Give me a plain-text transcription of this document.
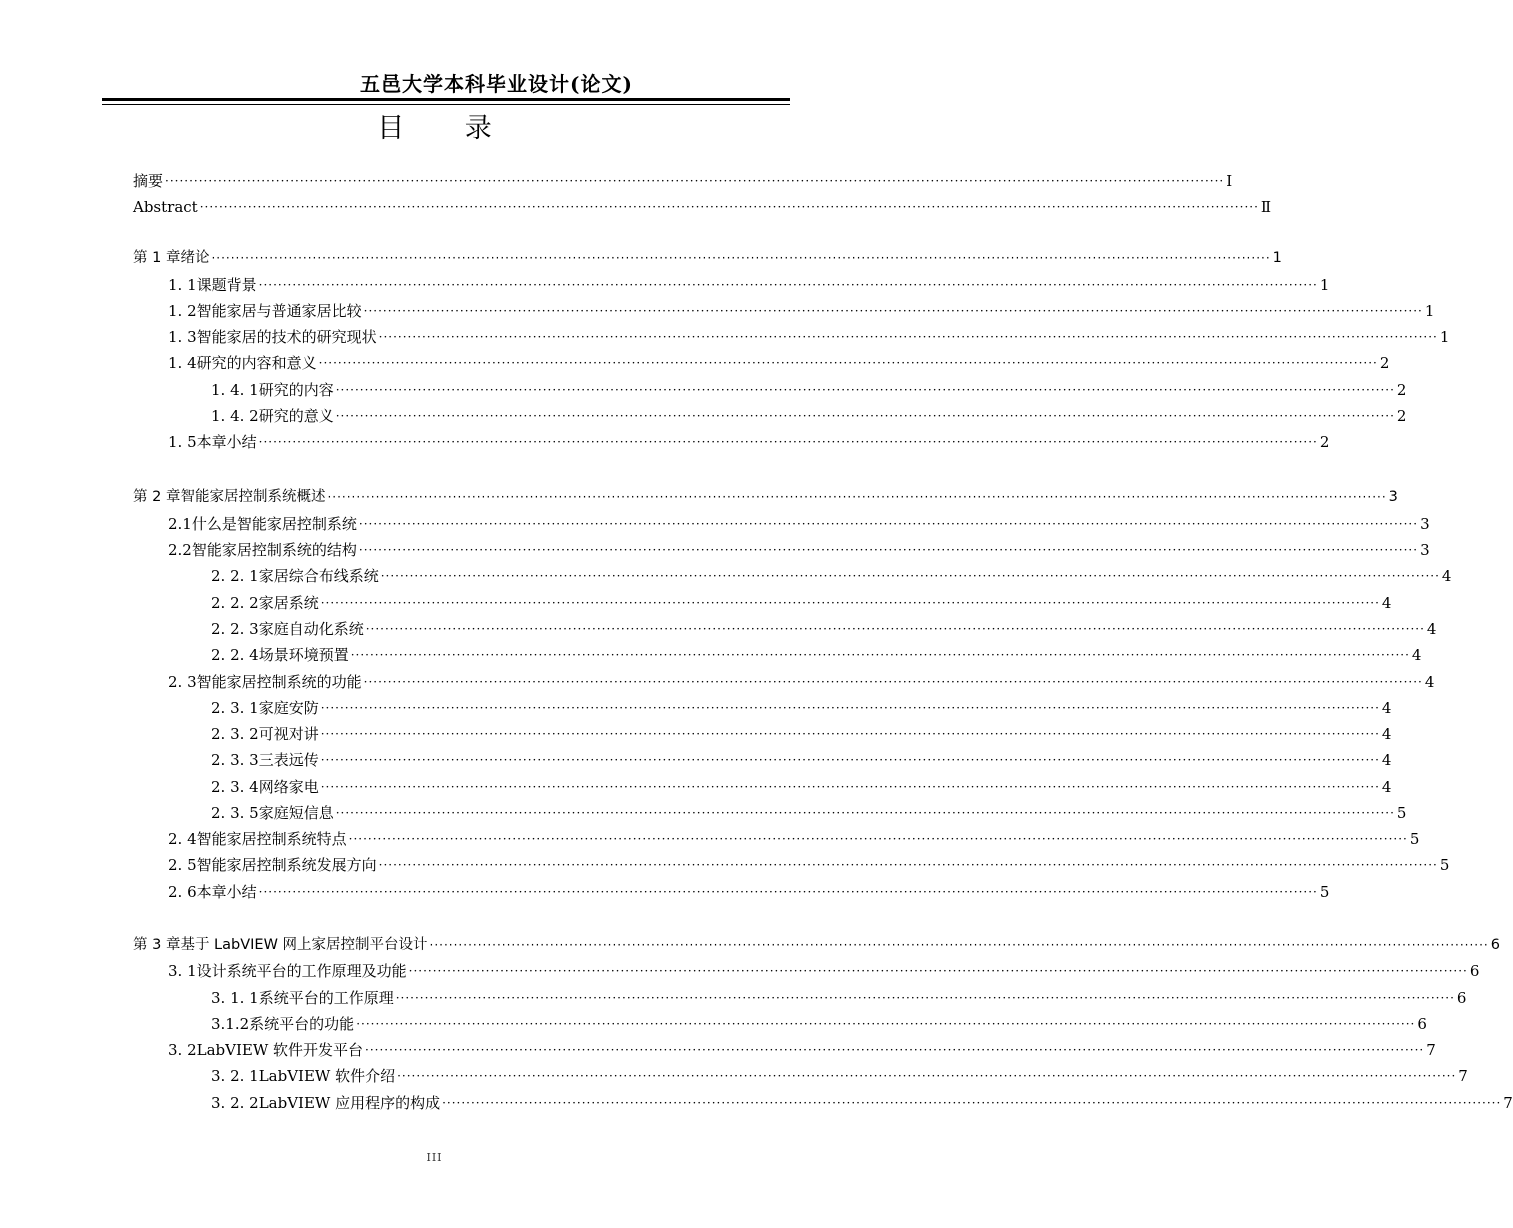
五邑大学本科毕业设计(论文)
目 录
摘要 ···························································································································································································································· Ⅰ
Abstract ···························································································································································································································· Ⅱ
第 1 章 绪论 ···························································································································································································································· 1
1. 1 课题背景 ···························································································································································································································· 1
1. 2 智能家居与普通家居比较 ···························································································································································································································· 1
1. 3 智能家居的技术的研究现状 ···························································································································································································································· 1
1. 4 研究的内容和意义 ···························································································································································································································· 2
1. 4. 1 研究的内容 ···························································································································································································································· 2
1. 4. 2 研究的意义 ···························································································································································································································· 2
1. 5 本章小结 ···························································································································································································································· 2
第 2 章 智能家居控制系统概述 ···························································································································································································································· 3
2.1 什么是智能家居控制系统 ···························································································································································································································· 3
2.2 智能家居控制系统的结构 ···························································································································································································································· 3
2. 2. 1 家居综合布线系统 ···························································································································································································································· 4
2. 2. 2 家居系统 ···························································································································································································································· 4
2. 2. 3 家庭自动化系统 ···························································································································································································································· 4
2. 2. 4 场景环境预置 ···························································································································································································································· 4
2. 3 智能家居控制系统的功能 ···························································································································································································································· 4
2. 3. 1 家庭安防 ···························································································································································································································· 4
2. 3. 2 可视对讲 ···························································································································································································································· 4
2. 3. 3 三表远传 ···························································································································································································································· 4
2. 3. 4 网络家电 ···························································································································································································································· 4
2. 3. 5 家庭短信息 ···························································································································································································································· 5
2. 4 智能家居控制系统特点 ···························································································································································································································· 5
2. 5 智能家居控制系统发展方向 ···························································································································································································································· 5
2. 6 本章小结 ···························································································································································································································· 5
第 3 章 基于 LabVIEW 网上家居控制平台设计 ···························································································································································································································· 6
3. 1 设计系统平台的工作原理及功能 ···························································································································································································································· 6
3. 1. 1 系统平台的工作原理 ···························································································································································································································· 6
3.1.2 系统平台的功能 ···························································································································································································································· 6
3. 2 LabVIEW 软件开发平台 ···························································································································································································································· 7
3. 2. 1 LabVIEW 软件介绍 ···························································································································································································································· 7
3. 2. 2 LabVIEW 应用程序的构成 ···························································································································································································································· 7
III
